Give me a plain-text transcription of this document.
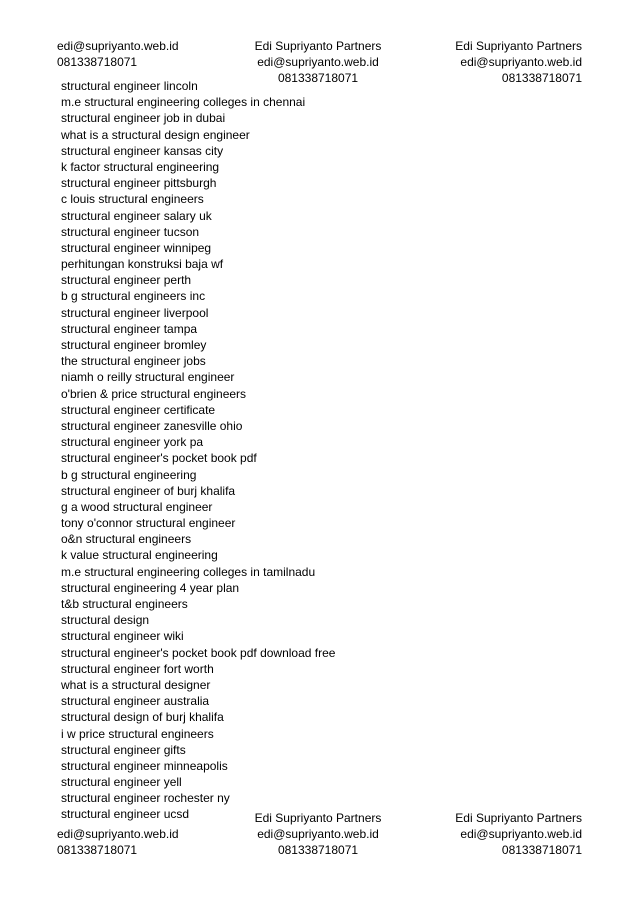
edi@supriyanto.web.id
081338718071
Edi Supriyanto Partners
edi@supriyanto.web.id
081338718071
Edi Supriyanto Partners
edi@supriyanto.web.id
081338718071
structural engineer lincoln
m.e structural engineering colleges in chennai
structural engineer job in dubai
what is a structural design engineer
structural engineer kansas city
k factor structural engineering
structural engineer pittsburgh
c louis structural engineers
structural engineer salary uk
structural engineer tucson
structural engineer winnipeg
perhitungan konstruksi baja wf
structural engineer perth
b g structural engineers inc
structural engineer liverpool
structural engineer tampa
structural engineer bromley
the structural engineer jobs
niamh o reilly structural engineer
o'brien & price structural engineers
structural engineer certificate
structural engineer zanesville ohio
structural engineer york pa
structural engineer's pocket book pdf
b g structural engineering
structural engineer of burj khalifa
g a wood structural engineer
tony o'connor structural engineer
o&n structural engineers
k value structural engineering
m.e structural engineering colleges in tamilnadu
structural engineering 4 year plan
t&b structural engineers
structural design
structural engineer wiki
structural engineer's pocket book pdf download free
structural engineer fort worth
what is a structural designer
structural engineer australia
structural design of burj khalifa
i w price structural engineers
structural engineer gifts
structural engineer minneapolis
structural engineer yell
structural engineer rochester ny
structural engineer ucsd
edi@supriyanto.web.id
081338718071
Edi Supriyanto Partners
edi@supriyanto.web.id
081338718071
Edi Supriyanto Partners
edi@supriyanto.web.id
081338718071
